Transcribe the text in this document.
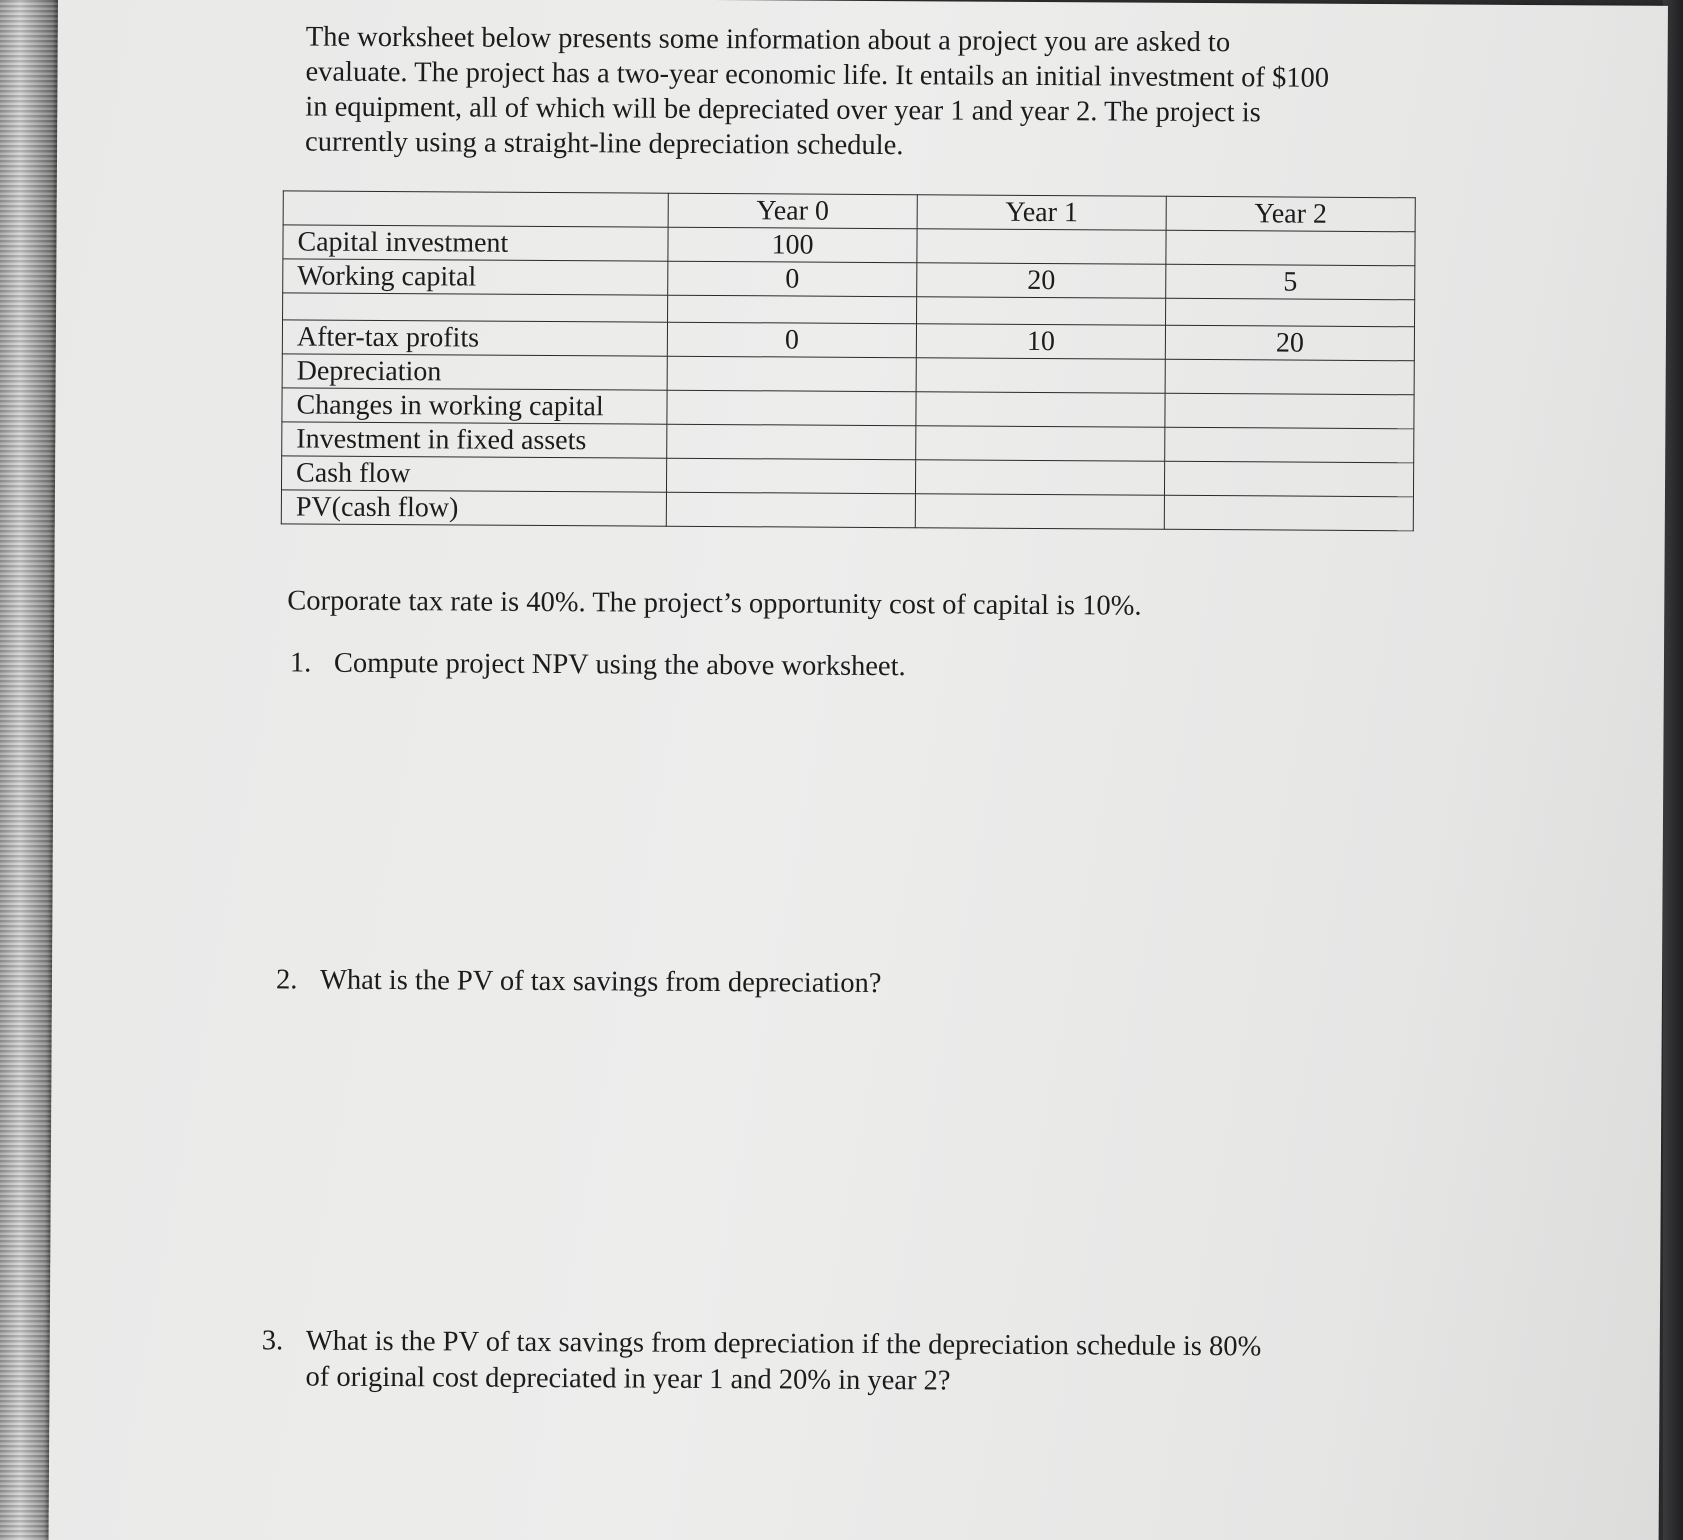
The worksheet below presents some information about a project you are asked to
evaluate. The project has a two-year economic life. It entails an initial investment of $100
in equipment, all of which will be depreciated over year 1 and year 2. The project is
currently using a straight-line depreciation schedule.
	Year 0	Year 1	Year 2
Capital investment	100		
Working capital	0	20	5

After-tax profits	0	10	20
Depreciation			
Changes in working capital			
Investment in fixed assets			
Cash flow			
PV(cash flow)			
Corporate tax rate is 40%. The project’s opportunity cost of capital is 10%.
1. Compute project NPV using the above worksheet.
2. What is the PV of tax savings from depreciation?
3. What is the PV of tax savings from depreciation if the depreciation schedule is 80%
of original cost depreciated in year 1 and 20% in year 2?
